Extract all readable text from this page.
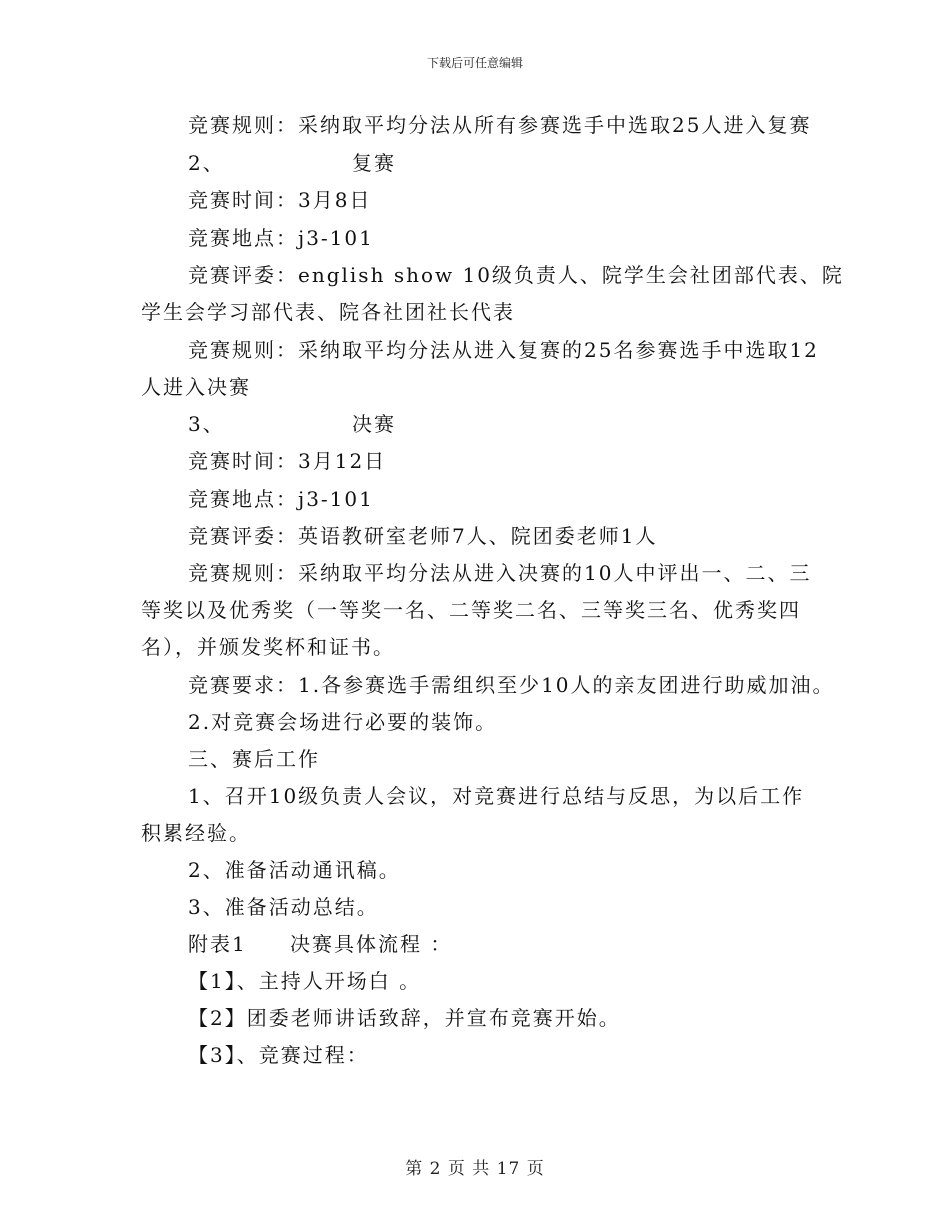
下载后可任意编辑
竞赛规则：采纳取平均分法从所有参赛选手中选取25人进入复赛
2、	复赛
竞赛时间：3月8日
竞赛地点：j3-101
竞赛评委：english show 10级负责人、院学生会社团部代表、院
学生会学习部代表、院各社团社长代表
竞赛规则：采纳取平均分法从进入复赛的25名参赛选手中选取12
人进入决赛
3、	决赛
竞赛时间：3月12日
竞赛地点：j3-101
竞赛评委：英语教研室老师7人、院团委老师1人
竞赛规则：采纳取平均分法从进入决赛的10人中评出一、二、三
等奖以及优秀奖（一等奖一名、二等奖二名、三等奖三名、优秀奖四
名），并颁发奖杯和证书。
竞赛要求：1.各参赛选手需组织至少10人的亲友团进行助威加油。
2.对竞赛会场进行必要的装饰。
三、赛后工作
1、召开10级负责人会议，对竞赛进行总结与反思，为以后工作
积累经验。
2、准备活动通讯稿。
3、准备活动总结。
附表1 决赛具体流程 ：
【1】、主持人开场白 。
【2】团委老师讲话致辞，并宣布竞赛开始。
【3】、竞赛过程：
第 2 页 共 17 页
